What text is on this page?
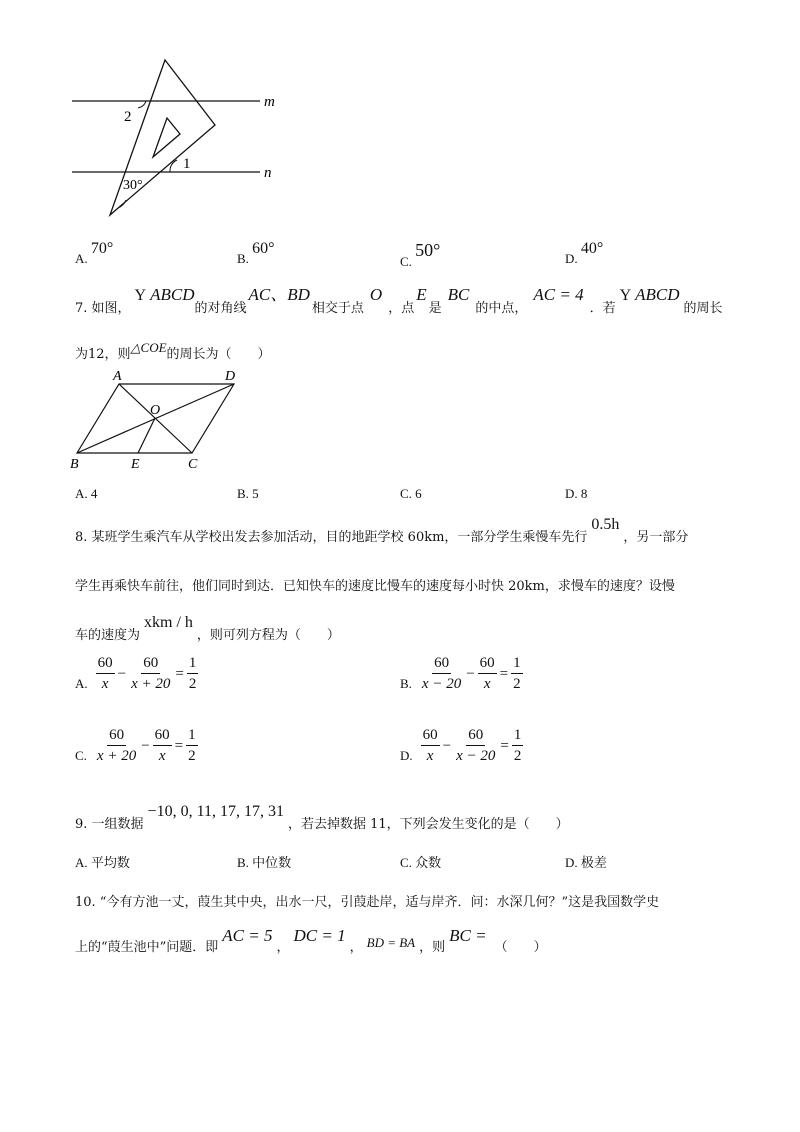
m
n
2
1
30°
A. 70°
B. 60°
C. 50°	D. 40°
7. 如图，Y ABCD的对角线AC、BD相交于点O，点E是BC的中点，AC = 4．若Y ABCD的周长
为12，则△COE的周长为（　　）
A	D
O
B	E	C
A. 4	B. 5	C. 6	D. 8
8. 某班学生乘汽车从学校出发去参加活动，目的地距学校 60km，一部分学生乘慢车先行0.5h，另一部分
学生再乘快车前往，他们同时到达．已知快车的速度比慢车的速度每小时快 20km，求慢车的速度？设慢
车的速度为xkm / h，则可列方程为（　　）
A. $\frac{60}{x} - \frac{60}{x + 20} = \frac{1}{2}$	B. $\frac{60}{x - 20} - \frac{60}{x} = \frac{1}{2}$
C. $\frac{60}{x + 20} - \frac{60}{x} = \frac{1}{2}$	D. $\frac{60}{x} - \frac{60}{x - 20} = \frac{1}{2}$
9. 一组数据−10, 0, 11, 17, 17, 31，若去掉数据 11，下列会发生变化的是（　　）
A. 平均数	B. 中位数	C. 众数	D. 极差
10. “今有方池一丈，葭生其中央，出水一尺，引葭赴岸，适与岸齐．问：水深几何？”这是我国数学史
上的“葭生池中”问题．即AC = 5，DC = 1， BD = BA ，则BC =（　　）
